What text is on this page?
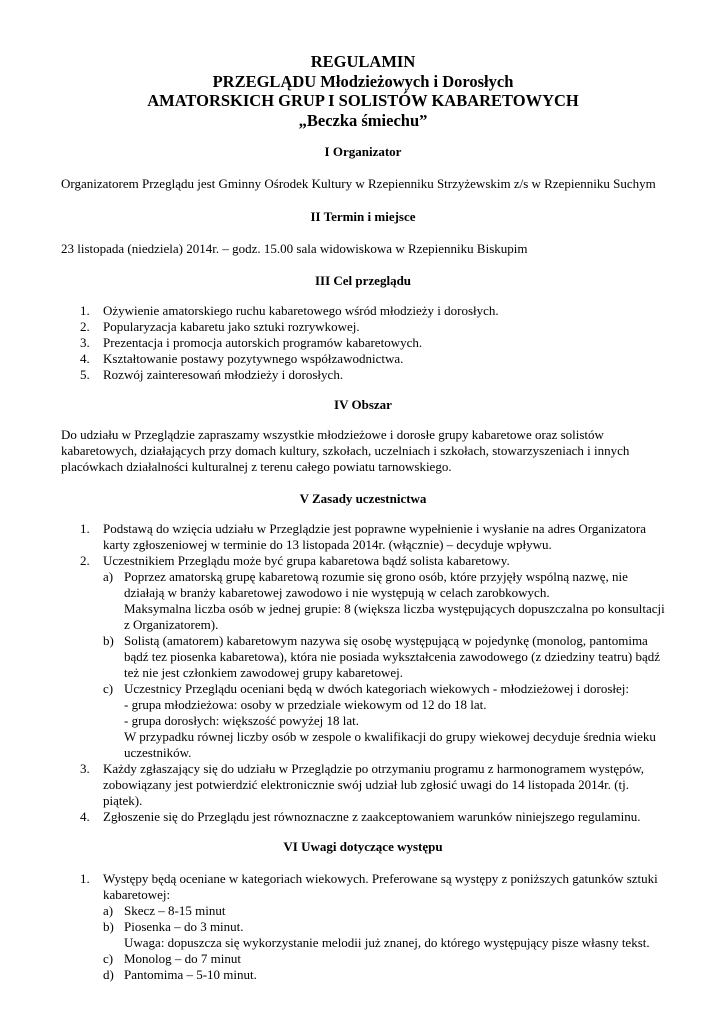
REGULAMIN
PRZEGLĄDU Młodzieżowych i Dorosłych
AMATORSKICH GRUP I SOLISTÓW KABARETOWYCH
„Beczka śmiechu”

I Organizator

Organizatorem Przeglądu jest Gminny Ośrodek Kultury w Rzepienniku Strzyżewskim z/s w Rzepienniku Suchym

II Termin i miejsce

23 listopada (niedziela) 2014r. – godz. 15.00 sala widowiskowa w Rzepienniku Biskupim

III Cel przeglądu

1. Ożywienie amatorskiego ruchu kabaretowego wśród młodzieży i dorosłych.
2. Popularyzacja kabaretu jako sztuki rozrywkowej.
3. Prezentacja i promocja autorskich programów kabaretowych.
4. Kształtowanie postawy pozytywnego współzawodnictwa.
5. Rozwój zainteresowań młodzieży i dorosłych.

IV Obszar

Do udziału w Przeglądzie zapraszamy wszystkie młodzieżowe i dorosłe grupy kabaretowe oraz solistów kabaretowych, działających przy domach kultury, szkołach, uczelniach i szkołach, stowarzyszeniach i innych placówkach działalności kulturalnej z terenu całego powiatu tarnowskiego.

V Zasady uczestnictwa

1. Podstawą do wzięcia udziału w Przeglądzie jest poprawne wypełnienie i wysłanie na adres Organizatora karty zgłoszeniowej w terminie do 13 listopada 2014r. (włącznie) – decyduje wpływu.
2. Uczestnikiem Przeglądu może być grupa kabaretowa bądź solista kabaretowy.
a) Poprzez amatorską grupę kabaretową rozumie się grono osób, które przyjęły wspólną nazwę, nie działają w branży kabaretowej zawodowo i nie występują w celach zarobkowych.
Maksymalna liczba osób w jednej grupie: 8 (większa liczba występujących dopuszczalna po konsultacji z Organizatorem).
b) Solistą (amatorem) kabaretowym nazywa się osobę występującą w pojedynkę (monolog, pantomima bądź tez piosenka kabaretowa), która nie posiada wykształcenia zawodowego (z dziedziny teatru) bądź też nie jest członkiem zawodowej grupy kabaretowej.
c) Uczestnicy Przeglądu oceniani będą w dwóch kategoriach wiekowych - młodzieżowej i dorosłej:
- grupa młodzieżowa: osoby w przedziale wiekowym od 12 do 18 lat.
- grupa dorosłych: większość powyżej 18 lat.
W przypadku równej liczby osób w zespole o kwalifikacji do grupy wiekowej decyduje średnia wieku uczestników.
3. Każdy zgłaszający się do udziału w Przeglądzie po otrzymaniu programu z harmonogramem występów, zobowiązany jest potwierdzić elektronicznie swój udział lub zgłosić uwagi do 14 listopada 2014r. (tj. piątek).
4. Zgłoszenie się do Przeglądu jest równoznaczne z zaakceptowaniem warunków niniejszego regulaminu.

VI Uwagi dotyczące występu

1. Występy będą oceniane w kategoriach wiekowych. Preferowane są występy z poniższych gatunków sztuki kabaretowej:
a) Skecz – 8-15 minut
b) Piosenka – do 3 minut.
Uwaga: dopuszcza się wykorzystanie melodii już znanej, do którego występujący pisze własny tekst.
c) Monolog – do 7 minut
d) Pantomima – 5-10 minut.
